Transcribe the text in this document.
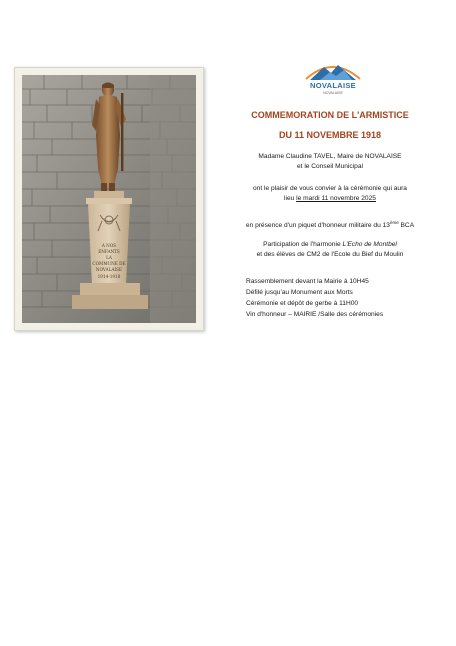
A NOS
ENFANTS
LA
COMMUNE DE
NOVALAISE
1914-1918
NOVALAISE
NOVALAISE
COMMEMORATION DE L'ARMISTICE
DU 11 NOVEMBRE 1918
Madame Claudine TAVEL, Maire de NOVALAISE
et le Conseil Municipal
ont le plaisir de vous convier à la cérémonie qui aura
lieu le mardi 11 novembre 2025
en présence d'un piquet d'honneur militaire du 13ème BCA
Participation de l'harmonie L'Echo de Montbel
et des élèves de CM2 de l'Ecole du Bief du Moulin
Rassemblement devant la Mairie à 10H45
Défilé jusqu'au Monument aux Morts
Cérémonie et dépôt de gerbe à 11H00
Vin d'honneur – MAIRIE /Salle des cérémonies
